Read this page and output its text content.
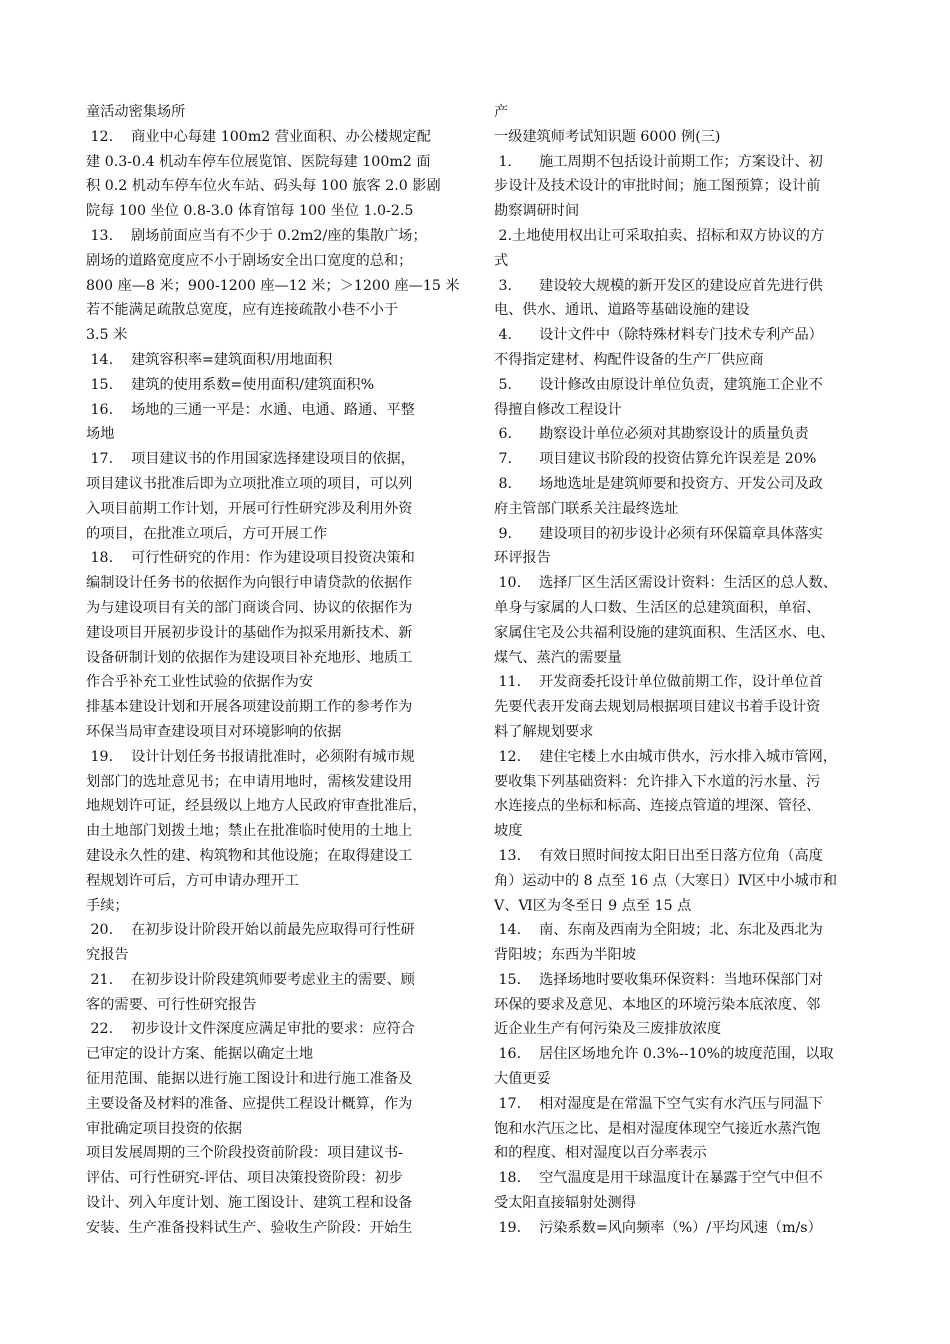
童活动密集场所
12.    商业中心每建 100m2 营业面积、办公楼规定配
建 0.3-0.4 机动车停车位展览馆、医院每建 100m2 面
积 0.2 机动车停车位火车站、码头每 100 旅客 2.0 影剧
院每 100 坐位 0.8-3.0 体育馆每 100 坐位 1.0-2.5
13.    剧场前面应当有不少于 0.2m2/座的集散广场；
剧场的道路宽度应不小于剧场安全出口宽度的总和；
800 座—8 米；900-1200 座—12 米；＞1200 座—15 米
若不能满足疏散总宽度，应有连接疏散小巷不小于
3.5 米
14.    建筑容积率=建筑面积/用地面积
15.    建筑的使用系数=使用面积/建筑面积%
16.    场地的三通一平是：水通、电通、路通、平整
场地
17.    项目建议书的作用国家选择建设项目的依据，
项目建议书批准后即为立项批准立项的项目，可以列
入项目前期工作计划，开展可行性研究涉及利用外资
的项目，在批准立项后，方可开展工作
18.    可行性研究的作用：作为建设项目投资决策和
编制设计任务书的依据作为向银行申请贷款的依据作
为与建设项目有关的部门商谈合同、协议的依据作为
建设项目开展初步设计的基础作为拟采用新技术、新
设备研制计划的依据作为建设项目补充地形、地质工
作合乎补充工业性试验的依据作为安
排基本建设计划和开展各项建设前期工作的参考作为
环保当局审查建设项目对环境影响的依据
19.    设计计划任务书报请批准时，必须附有城市规
划部门的选址意见书；在申请用地时，需核发建设用
地规划许可证，经县级以上地方人民政府审查批准后，
由土地部门划拨土地；禁止在批准临时使用的土地上
建设永久性的建、构筑物和其他设施；在取得建设工
程规划许可后，方可申请办理开工
手续；
20.    在初步设计阶段开始以前最先应取得可行性研
究报告
21.    在初步设计阶段建筑师要考虑业主的需要、顾
客的需要、可行性研究报告
22.    初步设计文件深度应满足审批的要求：应符合
已审定的设计方案、能据以确定土地
征用范围、能据以进行施工图设计和进行施工准备及
主要设备及材料的准备、应提供工程设计概算，作为
审批确定项目投资的依据
项目发展周期的三个阶段投资前阶段：项目建议书-
评估、可行性研究-评估、项目决策投资阶段：初步
设计、列入年度计划、施工图设计、建筑工程和设备
安装、生产准备投料试生产、验收生产阶段：开始生
产
一级建筑师考试知识题 6000 例(三)
1.      施工周期不包括设计前期工作；方案设计、初
步设计及技术设计的审批时间；施工图预算；设计前
勘察调研时间
2.土地使用权出让可采取拍卖、招标和双方协议的方
式
3.      建设较大规模的新开发区的建设应首先进行供
电、供水、通讯、道路等基础设施的建设
4.      设计文件中（除特殊材料专门技术专利产品）
不得指定建材、构配件设备的生产厂供应商
5.      设计修改由原设计单位负责，建筑施工企业不
得擅自修改工程设计
6.      勘察设计单位必须对其勘察设计的质量负责
7.      项目建议书阶段的投资估算允许误差是 20%
8.      场地选址是建筑师要和投资方、开发公司及政
府主管部门联系关注最终选址
9.      建设项目的初步设计必须有环保篇章具体落实
环评报告
10.    选择厂区生活区需设计资料：生活区的总人数、
单身与家属的人口数、生活区的总建筑面积，单宿、
家属住宅及公共福利设施的建筑面积、生活区水、电、
煤气、蒸汽的需要量
11.    开发商委托设计单位做前期工作，设计单位首
先要代表开发商去规划局根据项目建议书着手设计资
料了解规划要求
12.    建住宅楼上水由城市供水，污水排入城市管网，
要收集下列基础资料：允许排入下水道的污水量、污
水连接点的坐标和标高、连接点管道的埋深、管径、
坡度
13.    有效日照时间按太阳日出至日落方位角（高度
角）运动中的 8 点至 16 点（大寒日）Ⅳ区中小城市和
Ⅴ、Ⅵ区为冬至日 9 点至 15 点
14.    南、东南及西南为全阳坡；北、东北及西北为
背阳坡；东西为半阳坡
15.    选择场地时要收集环保资料：当地环保部门对
环保的要求及意见、本地区的环境污染本底浓度、邻
近企业生产有何污染及三废排放浓度
16.    居住区场地允许 0.3%--10%的坡度范围，以取
大值更妥
17.    相对湿度是在常温下空气实有水汽压与同温下
饱和水汽压之比、是相对湿度体现空气接近水蒸汽饱
和的程度、相对湿度以百分率表示
18.    空气温度是用干球温度计在暴露于空气中但不
受太阳直接辐射处测得
19.    污染系数=风向频率（%）/平均风速（m/s）
